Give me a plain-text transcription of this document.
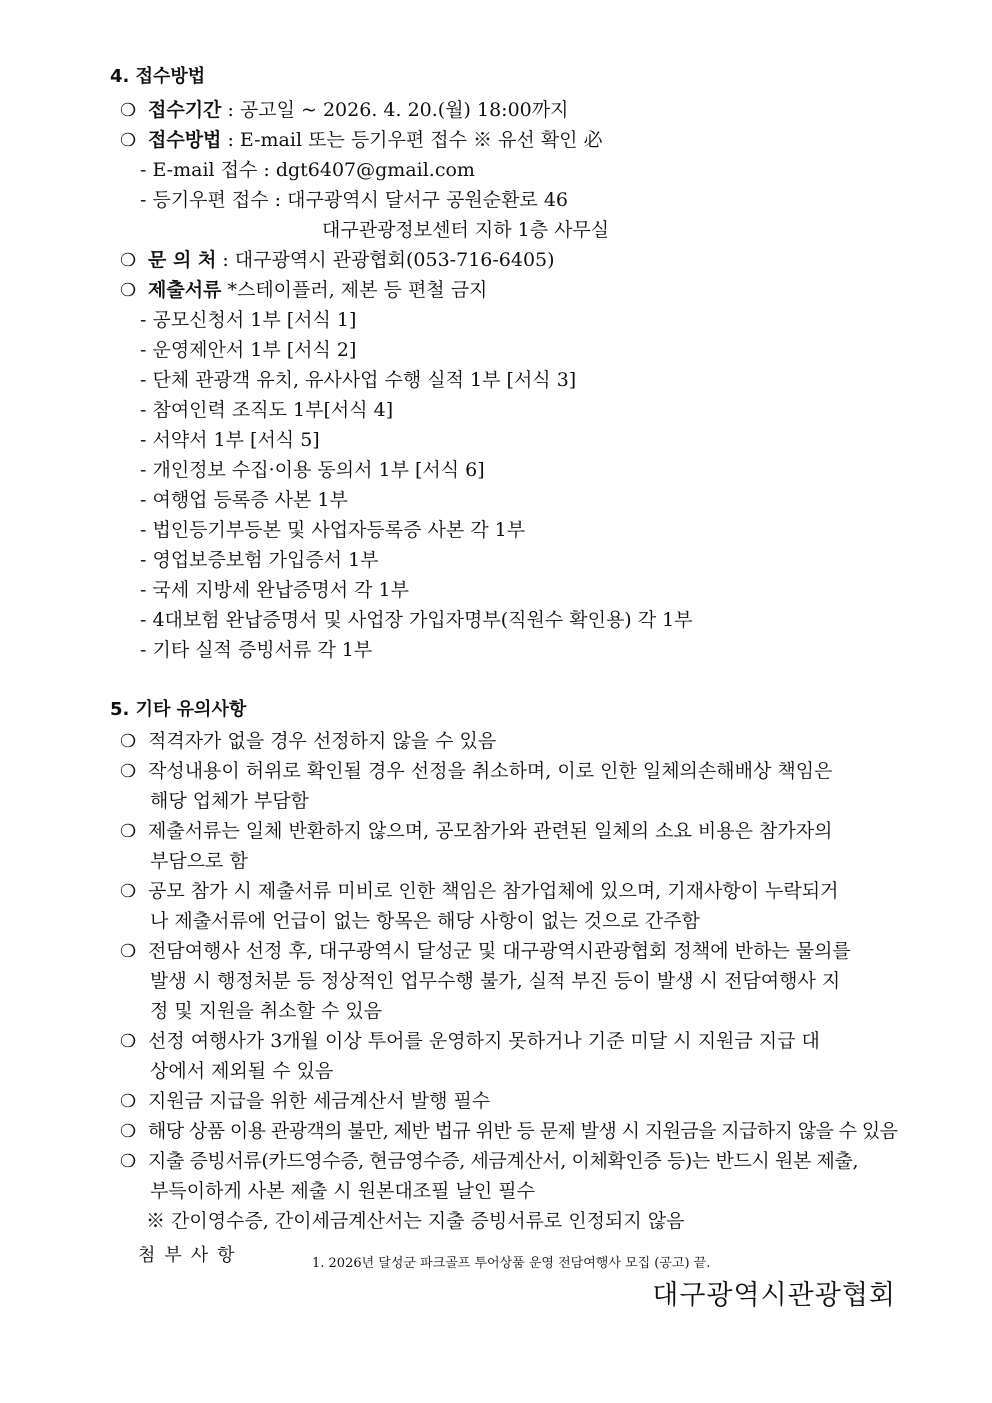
4. 접수방법
❍ 접수기간 : 공고일 ~ 2026. 4. 20.(월) 18:00까지
❍ 접수방법 : E-mail 또는 등기우편 접수 ※ 유선 확인 必
- E-mail 접수 : dgt6407@gmail.com
- 등기우편 접수 : 대구광역시 달서구 공원순환로 46
대구관광정보센터 지하 1층 사무실
❍ 문 의 처 : 대구광역시 관광협회(053-716-6405)
❍ 제출서류 *스테이플러, 제본 등 편철 금지
- 공모신청서 1부 [서식 1]
- 운영제안서 1부 [서식 2]
- 단체 관광객 유치, 유사사업 수행 실적 1부 [서식 3]
- 참여인력 조직도 1부[서식 4]
- 서약서 1부 [서식 5]
- 개인정보 수집·이용 동의서 1부 [서식 6]
- 여행업 등록증 사본 1부
- 법인등기부등본 및 사업자등록증 사본 각 1부
- 영업보증보험 가입증서 1부
- 국세 지방세 완납증명서 각 1부
- 4대보험 완납증명서 및 사업장 가입자명부(직원수 확인용) 각 1부
- 기타 실적 증빙서류 각 1부
5. 기타 유의사항
❍ 적격자가 없을 경우 선정하지 않을 수 있음
❍ 작성내용이 허위로 확인될 경우 선정을 취소하며, 이로 인한 일체의손해배상 책임은
해당 업체가 부담함
❍ 제출서류는 일체 반환하지 않으며, 공모참가와 관련된 일체의 소요 비용은 참가자의
부담으로 함
❍ 공모 참가 시 제출서류 미비로 인한 책임은 참가업체에 있으며, 기재사항이 누락되거
나 제출서류에 언급이 없는 항목은 해당 사항이 없는 것으로 간주함
❍ 전담여행사 선정 후, 대구광역시 달성군 및 대구광역시관광협회 정책에 반하는 물의를
발생 시 행정처분 등 정상적인 업무수행 불가, 실적 부진 등이 발생 시 전담여행사 지
정 및 지원을 취소할 수 있음
❍ 선정 여행사가 3개월 이상 투어를 운영하지 못하거나 기준 미달 시 지원금 지급 대
상에서 제외될 수 있음
❍ 지원금 지급을 위한 세금계산서 발행 필수
❍ 해당 상품 이용 관광객의 불만, 제반 법규 위반 등 문제 발생 시 지원금을 지급하지 않을 수 있음
❍ 지출 증빙서류(카드영수증, 현금영수증, 세금계산서, 이체확인증 등)는 반드시 원본 제출,
부득이하게 사본 제출 시 원본대조필 날인 필수
※ 간이영수증, 간이세금계산서는 지출 증빙서류로 인정되지 않음
첨부사항	1. 2026년 달성군 파크골프 투어상품 운영 전담여행사 모집 (공고) 끝.
대구광역시관광협회
